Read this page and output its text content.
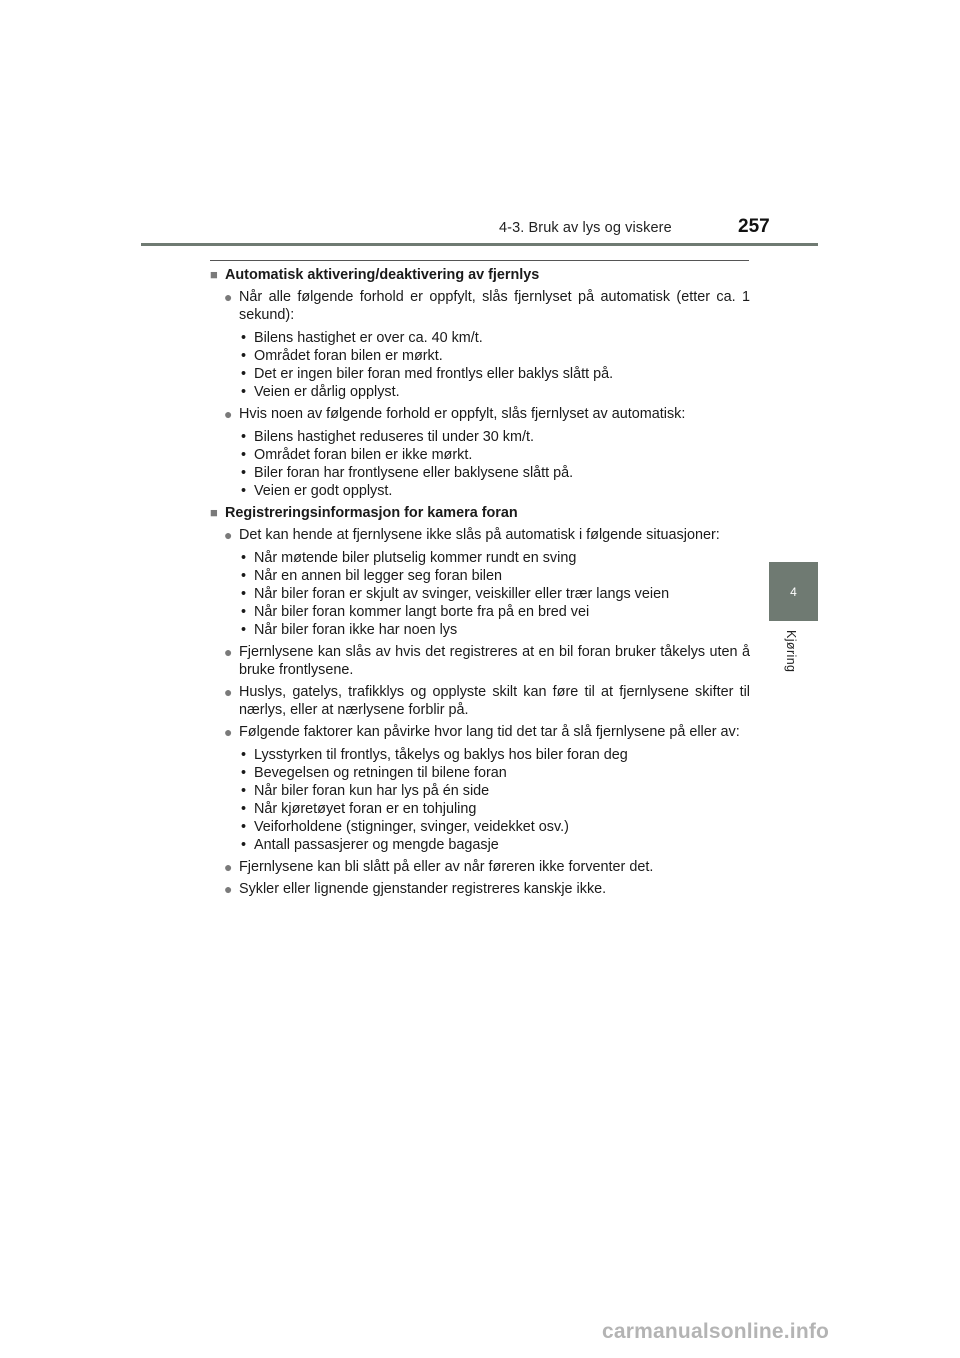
4-3. Bruk av lys og viskere	257
4
Kjøring
■ Automatisk aktivering/deaktivering av fjernlys
● Når alle følgende forhold er oppfylt, slås fjernlyset på automatisk (etter ca. 1 sekund):
• Bilens hastighet er over ca. 40 km/t.
• Området foran bilen er mørkt.
• Det er ingen biler foran med frontlys eller baklys slått på.
• Veien er dårlig opplyst.
● Hvis noen av følgende forhold er oppfylt, slås fjernlyset av automatisk:
• Bilens hastighet reduseres til under 30 km/t.
• Området foran bilen er ikke mørkt.
• Biler foran har frontlysene eller baklysene slått på.
• Veien er godt opplyst.
■ Registreringsinformasjon for kamera foran
● Det kan hende at fjernlysene ikke slås på automatisk i følgende situasjoner:
• Når møtende biler plutselig kommer rundt en sving
• Når en annen bil legger seg foran bilen
• Når biler foran er skjult av svinger, veiskiller eller trær langs veien
• Når biler foran kommer langt borte fra på en bred vei
• Når biler foran ikke har noen lys
● Fjernlysene kan slås av hvis det registreres at en bil foran bruker tåkelys uten å bruke frontlysene.
● Huslys, gatelys, trafikklys og opplyste skilt kan føre til at fjernlysene skifter til nærlys, eller at nærlysene forblir på.
● Følgende faktorer kan påvirke hvor lang tid det tar å slå fjernlysene på eller av:
• Lysstyrken til frontlys, tåkelys og baklys hos biler foran deg
• Bevegelsen og retningen til bilene foran
• Når biler foran kun har lys på én side
• Når kjøretøyet foran er en tohjuling
• Veiforholdene (stigninger, svinger, veidekket osv.)
• Antall passasjerer og mengde bagasje
● Fjernlysene kan bli slått på eller av når føreren ikke forventer det.
● Sykler eller lignende gjenstander registreres kanskje ikke.
carmanualsonline.info
